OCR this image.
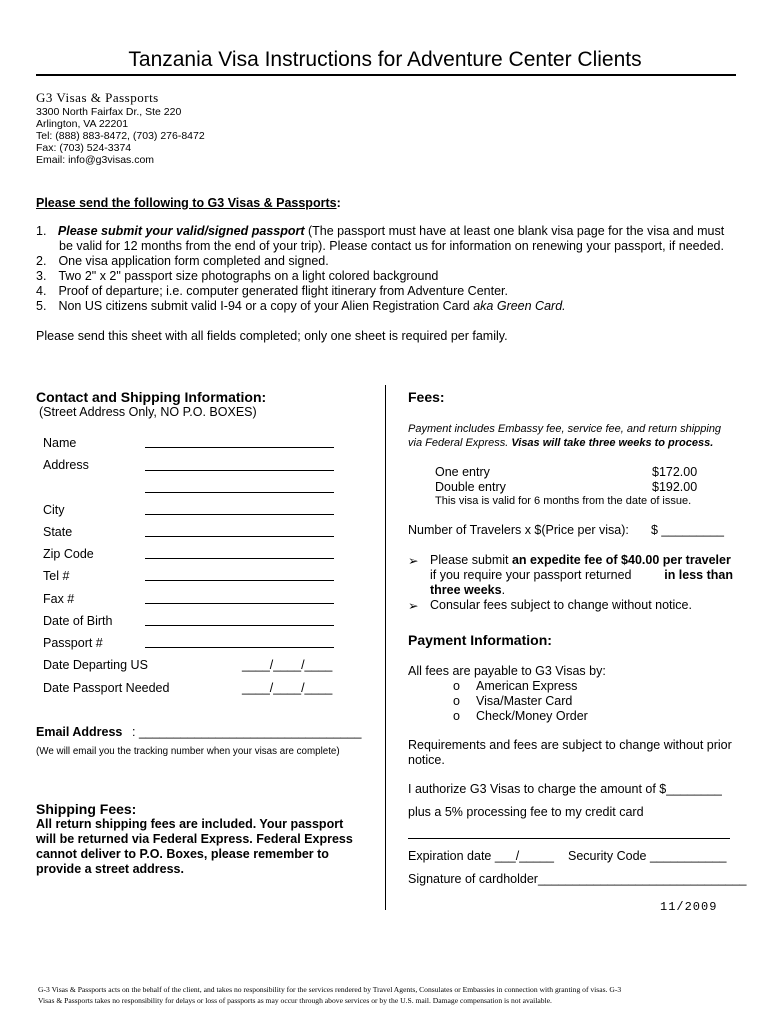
Tanzania Visa Instructions for Adventure Center Clients
G3 Visas & Passports
3300 North Fairfax Dr., Ste 220
Arlington, VA 22201
Tel: (888) 883-8472, (703) 276-8472
Fax: (703) 524-3374
Email: info@g3visas.com
Please send the following to G3 Visas & Passports:
1. Please submit your valid/signed passport (The passport must have at least one blank visa page for the visa and must
be valid for 12 months from the end of your trip). Please contact us for information on renewing your passport, if needed.
2. One visa application form completed and signed.
3. Two 2" x 2" passport size photographs on a light colored background
4. Proof of departure; i.e. computer generated flight itinerary from Adventure Center.
5. Non US citizens submit valid I-94 or a copy of your Alien Registration Card aka Green Card.
Please send this sheet with all fields completed; only one sheet is required per family.
Contact and Shipping Information:
(Street Address Only, NO P.O. BOXES)
Name
Address
City
State
Zip Code
Tel #
Fax #
Date of Birth
Passport #
Date Departing US	____/____/____
Date Passport Needed	____/____/____
Email Address : ________________________________
(We will email you the tracking number when your visas are complete)
Shipping Fees:
All return shipping fees are included. Your passport
will be returned via Federal Express. Federal Express
cannot deliver to P.O. Boxes, please remember to
provide a street address.
Fees:
Payment includes Embassy fee, service fee, and return shipping
via Federal Express. Visas will take three weeks to process.
One entry	$172.00
Double entry	$192.00
This visa is valid for 6 months from the date of issue.
Number of Travelers x $(Price per visa): $ _________
➢ Please submit an expedite fee of $40.00 per traveler
if you require your passport returned	in less than
three weeks.
➢ Consular fees subject to change without notice.
Payment Information:
All fees are payable to G3 Visas by:
o American Express
o Visa/Master Card
o Check/Money Order
Requirements and fees are subject to change without prior
notice.
I authorize G3 Visas to charge the amount of $________
plus a 5% processing fee to my credit card
Expiration date ___/_____ Security Code ___________
Signature of cardholder______________________________
11/2009
G-3 Visas & Passports acts on the behalf of the client, and takes no responsibility for the services rendered by Travel Agents, Consulates or Embassies in connection with granting of visas. G-3
Visas & Passports takes no responsibility for delays or loss of passports as may occur through above services or by the U.S. mail. Damage compensation is not available.
